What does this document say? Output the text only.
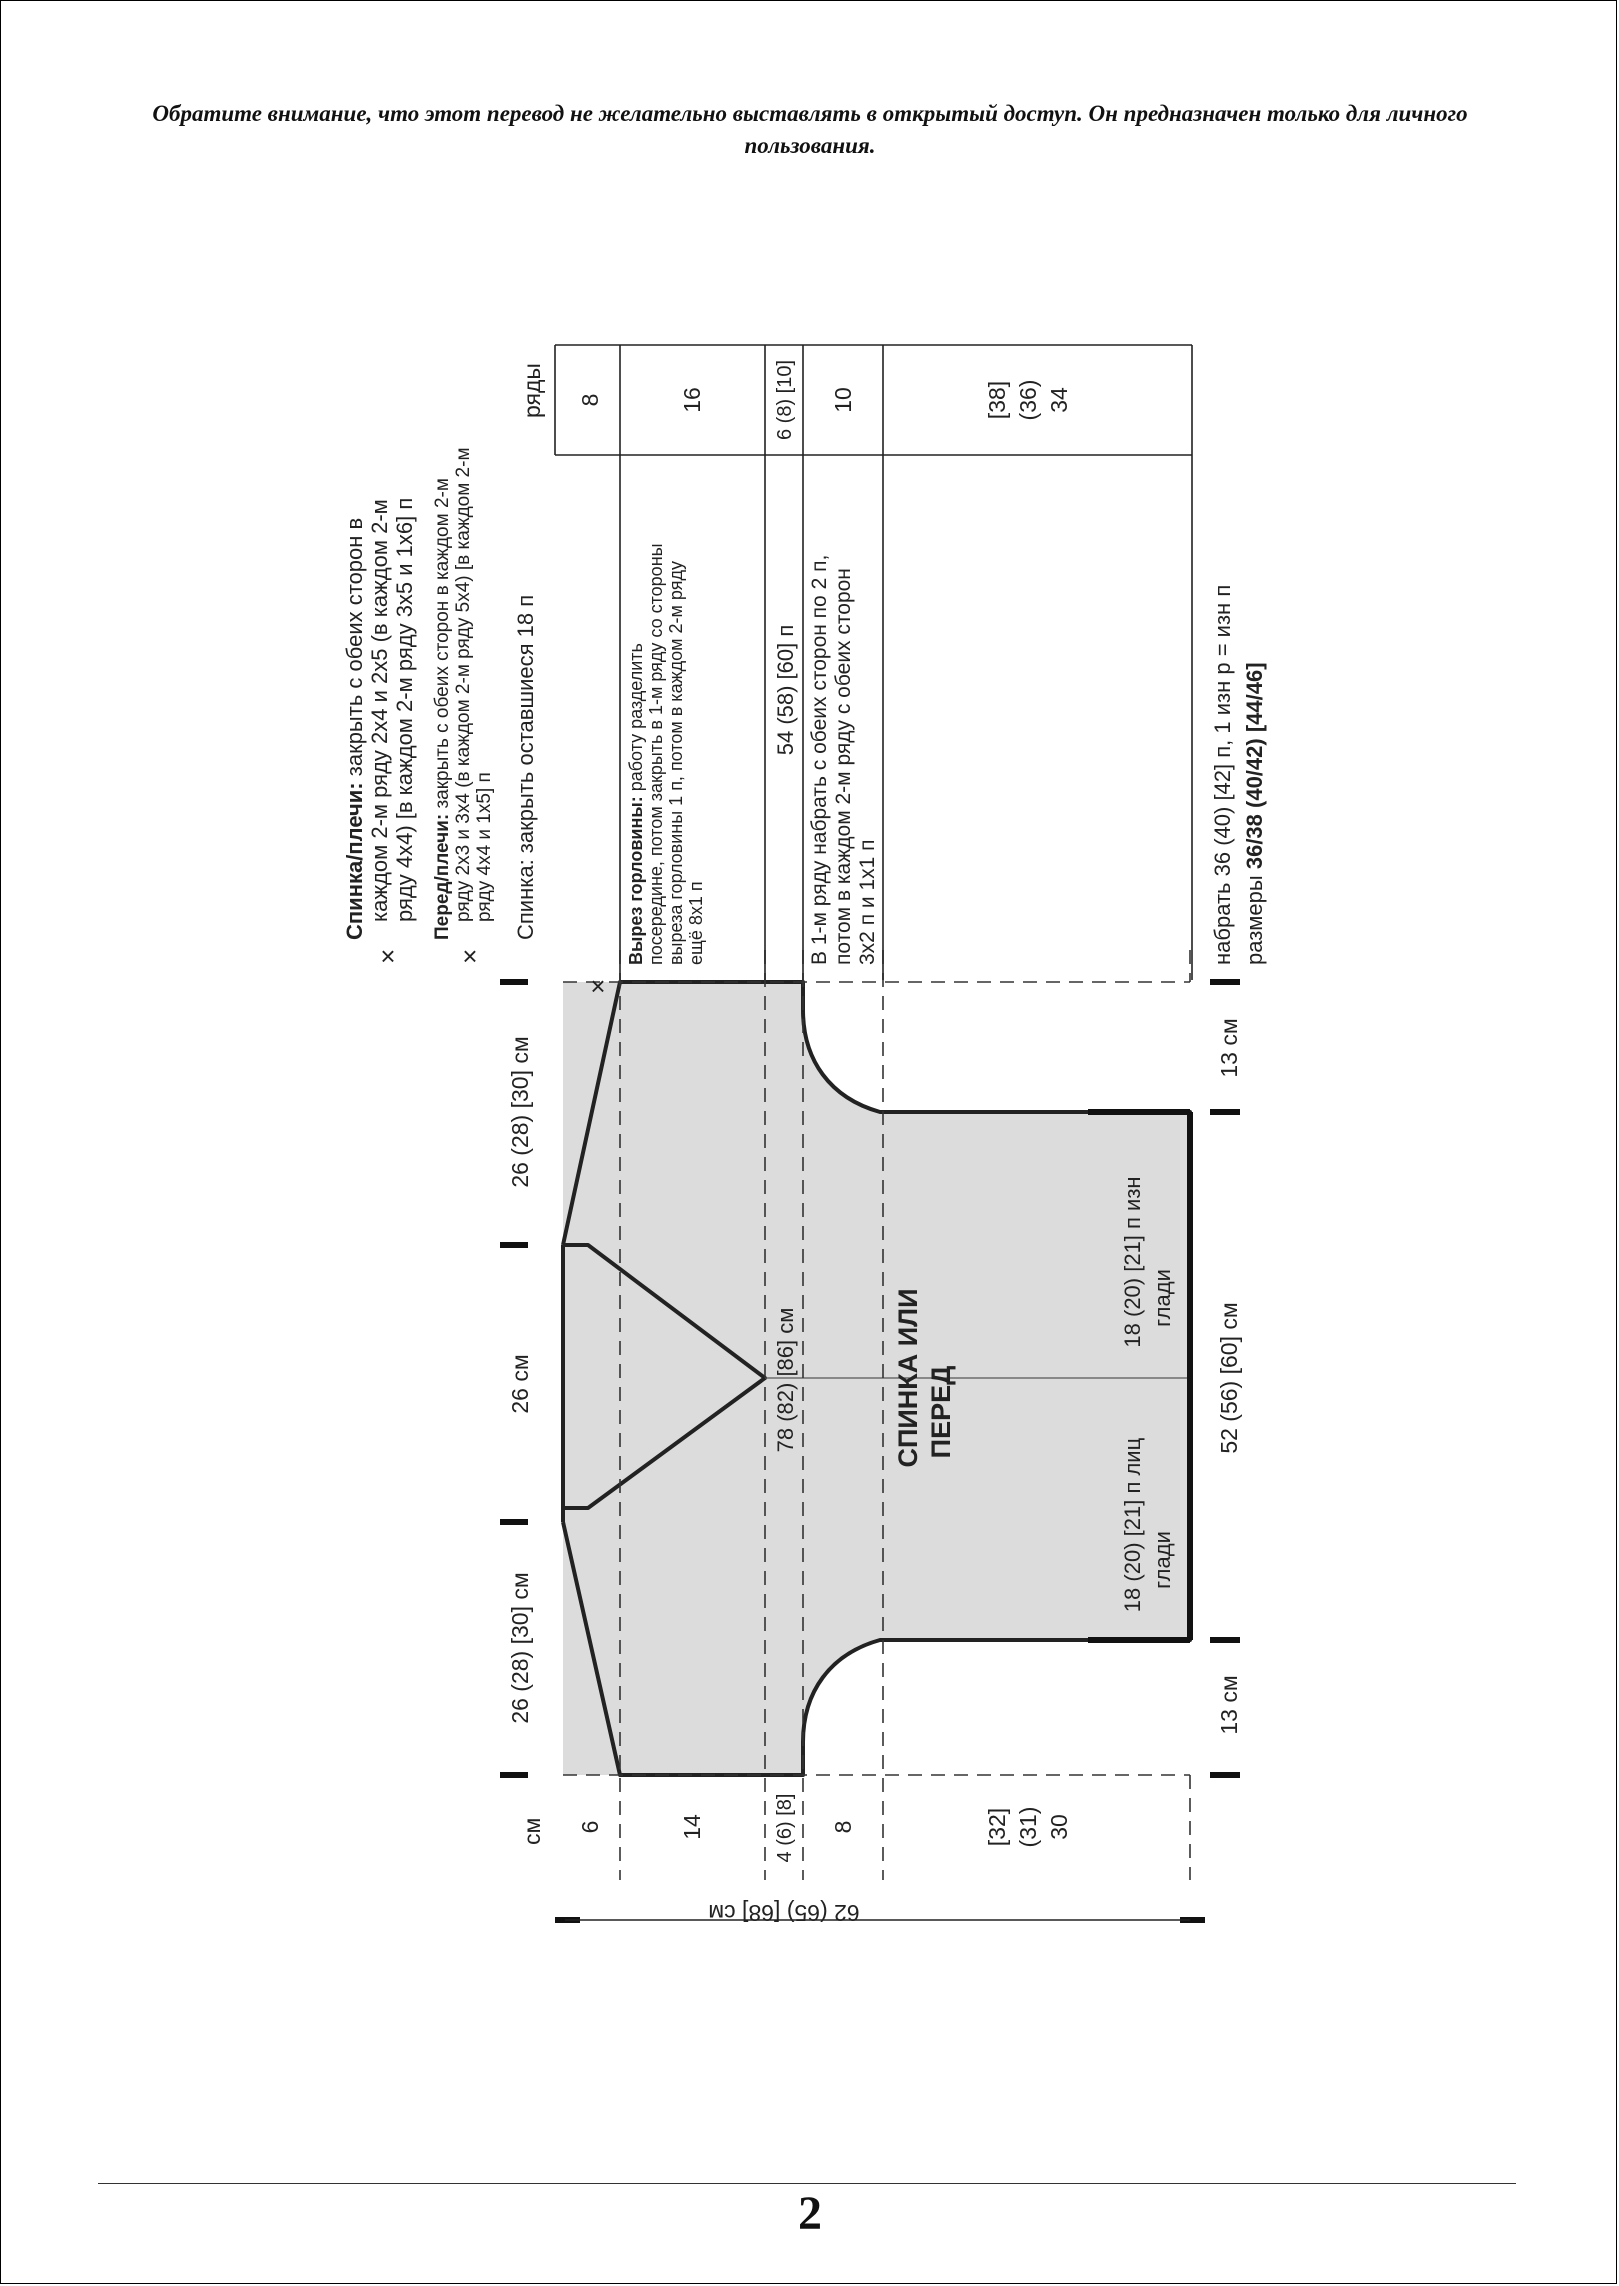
Обратите внимание, что этот перевод не желательно выставлять в открытый доступ. Он предназначен только для личного пользования.
×
×	×
см
ряды
6	14	4 (6) [8] 8	[32] (31) 30
8	16	6 (8) [10] 10	[38] (36) 34
62 (65) [68] см
26 (28) [30] см
26 см
26 (28) [30] см
78 (82) [86] см
54 (58) [60] п
СПИНКА ИЛИ ПЕРЕД
18 (20) [21] п лиц глади
18 (20) [21] п изн глади
13 см
52 (56) [60] см
13 см
Спинка/плечи: закрыть с обеих сторон в каждом 2-м ряду 2х4 и 2х5 (в каждом 2-м ряду 4х4) [в каждом 2-м ряду 3х5 и 1х6] п Перед/плечи: закрыть с обеих сторон в каждом 2-м ряду 2х3 и 3х4 (в каждом 2-м ряду 5х4) [в каждом 2-м ряду 4х4 и 1х5] п Спинка: закрыть оставшиеся 18 п	Вырез горловины: работу разделить посередине, потом закрыть в 1-м ряду со стороны выреза горловины 1 п, потом в каждом 2-м ряду ещё 8х1 п	В 1-м ряду набрать с обеих сторон по 2 п, потом в каждом 2-м ряду с обеих сторон 3х2 п и 1х1 п	набрать 36 (40) [42] п, 1 изн р = изн п размеры 36/38 (40/42) [44/46]
2
